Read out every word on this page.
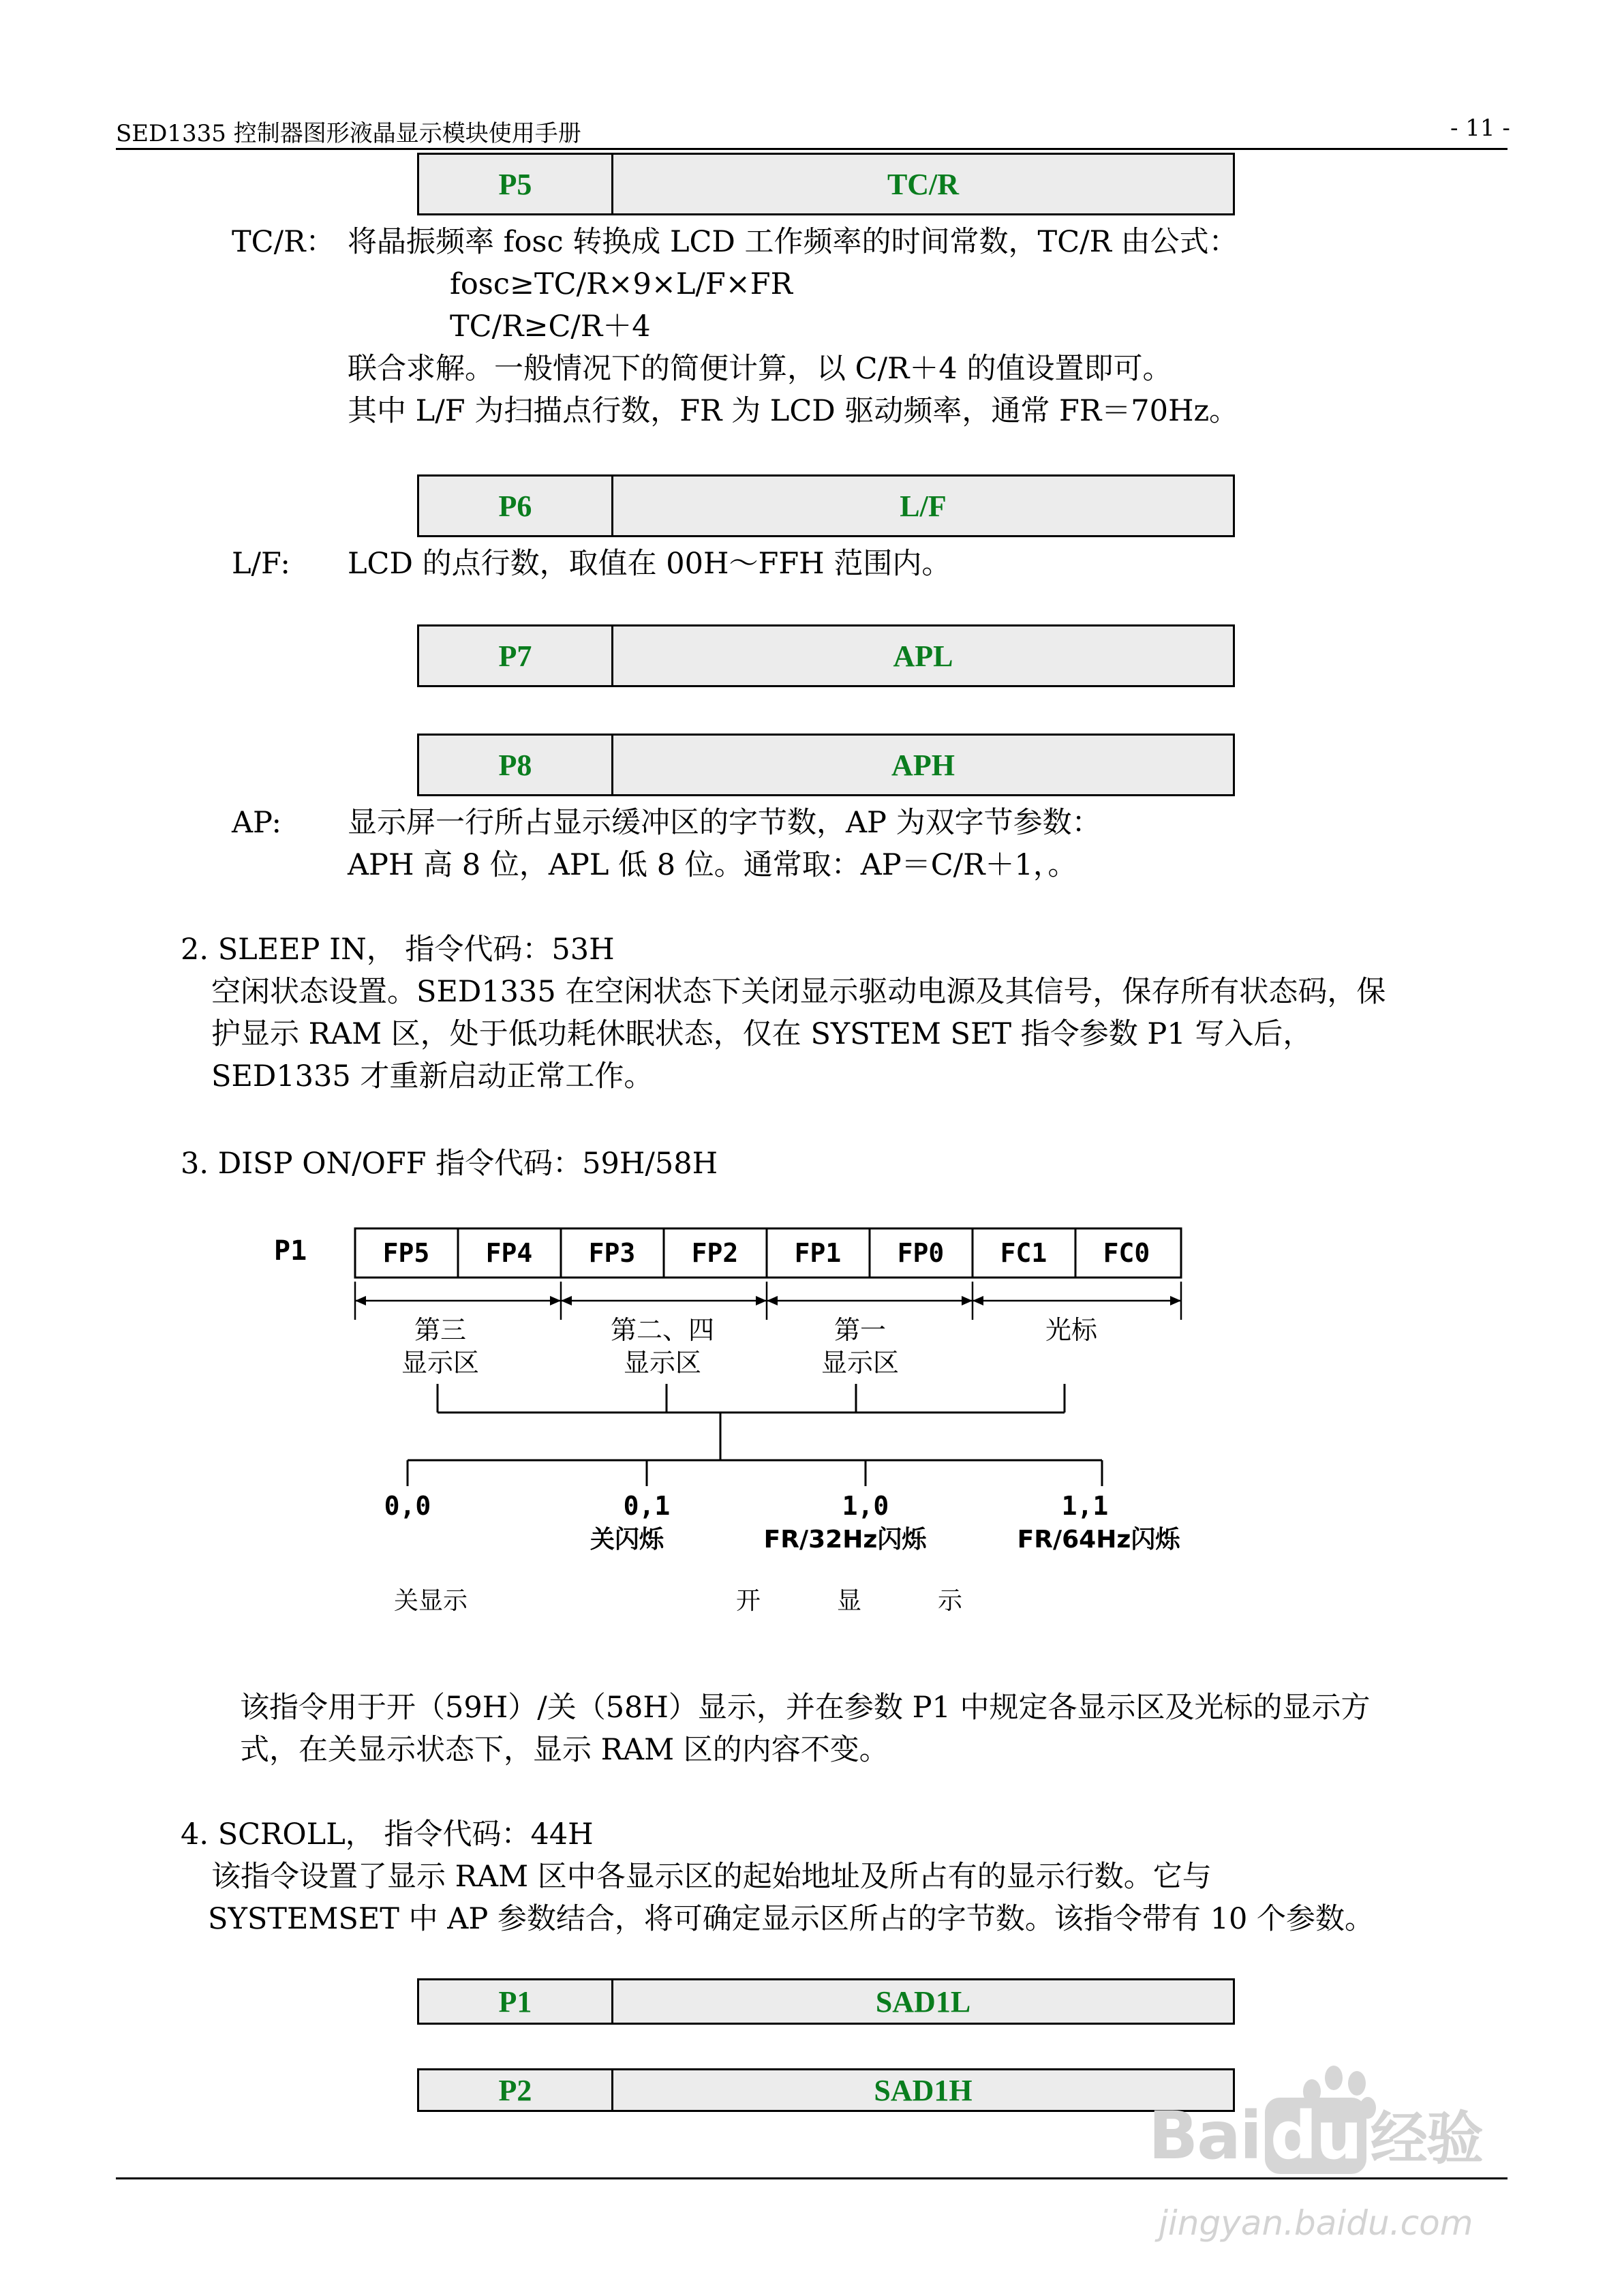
SED1335 控制器图形液晶显示模块使用手册	- 11 -
P5	TC/R
TC/R： 将晶振频率 fosc 转换成 LCD 工作频率的时间常数，TC/R 由公式：
fosc≥TC/R×9×L/F×FR
TC/R≥C/R＋4
联合求解。一般情况下的简便计算，以 C/R＋4 的值设置即可。
其中 L/F 为扫描点行数，FR 为 LCD 驱动频率，通常 FR＝70Hz。
P6	L/F
L/F: LCD 的点行数，取值在 00H～FFH 范围内。
P7	APL
P8	APH
AP: 显示屏一行所占显示缓冲区的字节数，AP 为双字节参数：
APH 高 8 位，APL 低 8 位。通常取：AP＝C/R＋1，。
2. SLEEP IN， 指令代码：53H
空闲状态设置。SED1335 在空闲状态下关闭显示驱动电源及其信号，保存所有状态码，保
护显示 RAM 区，处于低功耗休眠状态，仅在 SYSTEM SET 指令参数 P1 写入后，
SED1335 才重新启动正常工作。
3. DISP ON/OFF 指令代码：59H/58H
P1	FP5 FP4 FP3 FP2 FP1 FP0 FC1 FC0
第三
显示区
第二、四
显示区
第一
显示区
光标
0,0	0,1	1,0	1,1
关闪烁	FR/32Hz闪烁	FR/64Hz闪烁
关显示	开	显	示
该指令用于开（59H）/关（58H）显示，并在参数 P1 中规定各显示区及光标的显示方
式，在关显示状态下，显示 RAM 区的内容不变。
4. SCROLL， 指令代码：44H
该指令设置了显示 RAM 区中各显示区的起始地址及所占有的显示行数。它与
SYSTEMSET 中 AP 参数结合，将可确定显示区所占的字节数。该指令带有 10 个参数。
P1	SAD1L
P2	SAD1H
Bai du 经验
jingyan.baidu.com
